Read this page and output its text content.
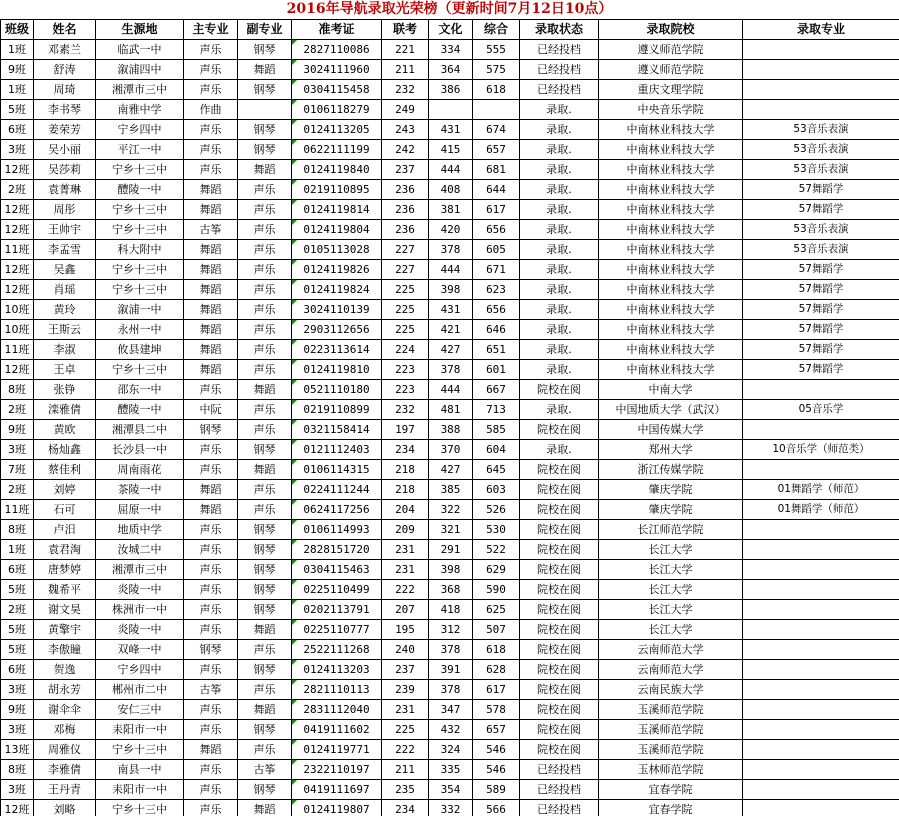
2016年导航录取光荣榜（更新时间7月12日10点）
班级	姓名	生源地	主专业	副专业	准考证	联考	文化	综合	录取状态	录取院校	录取专业
1班	邓素兰	临武一中	声乐	钢琴	2827110086	221	334	555	已经投档	遵义师范学院	
9班	舒涛	溆浦四中	声乐	舞蹈	3024111960	211	364	575	已经投档	遵义师范学院	
1班	周琦	湘潭市三中	声乐	钢琴	0304115458	232	386	618	已经投档	重庆文理学院	
5班	李书琴	南雅中学	作曲		0106118279	249			录取.	中央音乐学院	
6班	姜荣芳	宁乡四中	声乐	钢琴	0124113205	243	431	674	录取.	中南林业科技大学	53音乐表演
3班	吴小丽	平江一中	声乐	钢琴	0622111199	242	415	657	录取.	中南林业科技大学	53音乐表演
12班	吴莎莉	宁乡十三中	声乐	舞蹈	0124119840	237	444	681	录取.	中南林业科技大学	53音乐表演
2班	袁菁琳	醴陵一中	舞蹈	声乐	0219110895	236	408	644	录取.	中南林业科技大学	57舞蹈学
12班	周彤	宁乡十三中	舞蹈	声乐	0124119814	236	381	617	录取.	中南林业科技大学	57舞蹈学
12班	王帅宇	宁乡十三中	古筝	声乐	0124119804	236	420	656	录取.	中南林业科技大学	53音乐表演
11班	李孟雪	科大附中	舞蹈	声乐	0105113028	227	378	605	录取.	中南林业科技大学	53音乐表演
12班	吴鑫	宁乡十三中	舞蹈	声乐	0124119826	227	444	671	录取.	中南林业科技大学	57舞蹈学
12班	肖瑶	宁乡十三中	舞蹈	声乐	0124119824	225	398	623	录取.	中南林业科技大学	57舞蹈学
10班	黄玲	溆浦一中	舞蹈	声乐	3024110139	225	431	656	录取.	中南林业科技大学	57舞蹈学
10班	王斯云	永州一中	舞蹈	声乐	2903112656	225	421	646	录取.	中南林业科技大学	57舞蹈学
11班	李淑	攸县建坤	舞蹈	声乐	0223113614	224	427	651	录取.	中南林业科技大学	57舞蹈学
12班	王卓	宁乡十三中	舞蹈	声乐	0124119810	223	378	601	录取.	中南林业科技大学	57舞蹈学
8班	张铮	邵东一中	声乐	舞蹈	0521110180	223	444	667	院校在阅	中南大学	
2班	滦雅倩	醴陵一中	中阮	声乐	0219110899	232	481	713	录取.	中国地质大学（武汉）	05音乐学
9班	黄欧	湘潭县二中	钢琴	声乐	0321158414	197	388	585	院校在阅	中国传媒大学	
3班	杨灿鑫	长沙县一中	声乐	钢琴	0121112403	234	370	604	录取.	郑州大学	10音乐学（师范类）
7班	蔡佳利	周南雨花	声乐	舞蹈	0106114315	218	427	645	院校在阅	浙江传媒学院	
2班	刘婷	茶陵一中	舞蹈	声乐	0224111244	218	385	603	院校在阅	肇庆学院	01舞蹈学（师范）
11班	石可	屈原一中	舞蹈	声乐	0624117256	204	322	526	院校在阅	肇庆学院	01舞蹈学（师范）
8班	卢汨	地质中学	声乐	钢琴	0106114993	209	321	530	院校在阅	长江师范学院	
1班	袁君淘	汝城二中	声乐	钢琴	2828151720	231	291	522	院校在阅	长江大学	
6班	唐梦婷	湘潭市三中	声乐	钢琴	0304115463	231	398	629	院校在阅	长江大学	
5班	魏希平	炎陵一中	声乐	钢琴	0225110499	222	368	590	院校在阅	长江大学	
2班	谢文昊	株洲市一中	声乐	钢琴	0202113791	207	418	625	院校在阅	长江大学	
5班	黄擎宇	炎陵一中	声乐	舞蹈	0225110777	195	312	507	院校在阅	长江大学	
5班	李傲瞳	双峰一中	钢琴	声乐	2522111268	240	378	618	院校在阅	云南师范大学	
6班	贺逸	宁乡四中	声乐	钢琴	0124113203	237	391	628	院校在阅	云南师范大学	
3班	胡永芳	郴州市二中	古筝	声乐	2821110113	239	378	617	院校在阅	云南民族大学	
9班	谢伞伞	安仁三中	声乐	舞蹈	2831112040	231	347	578	院校在阅	玉溪师范学院	
3班	邓梅	耒阳市一中	声乐	钢琴	0419111602	225	432	657	院校在阅	玉溪师范学院	
13班	周雅仪	宁乡十三中	舞蹈	声乐	0124119771	222	324	546	院校在阅	玉溪师范学院	
8班	李雅倩	南县一中	声乐	古筝	2322110197	211	335	546	已经投档	玉林师范学院	
3班	王丹青	耒阳市一中	声乐	钢琴	0419111697	235	354	589	已经投档	宜春学院	
12班	刘略	宁乡十三中	声乐	舞蹈	0124119807	234	332	566	已经投档	宜春学院	
